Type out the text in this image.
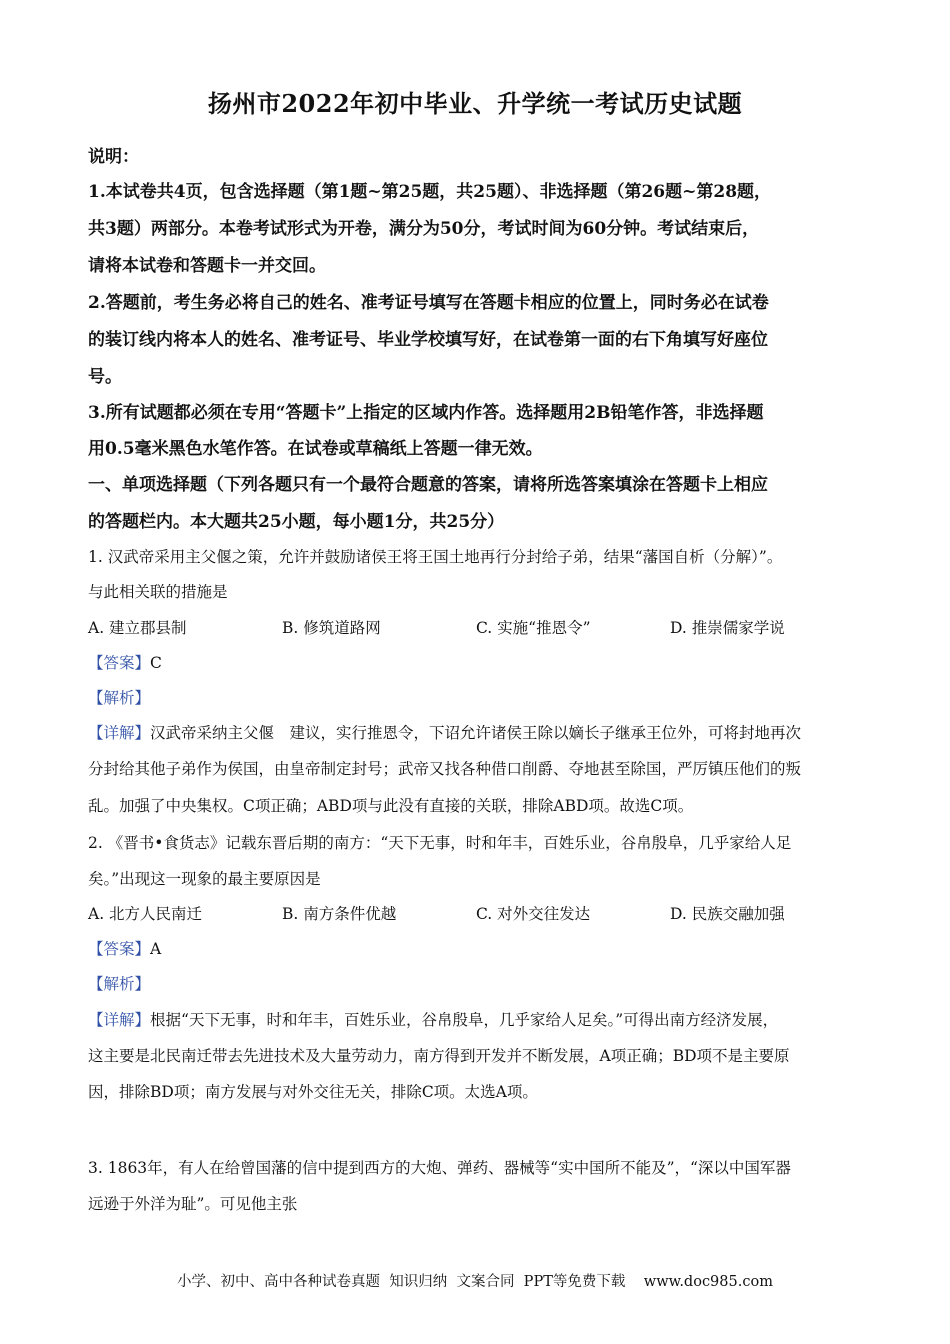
扬州市2022年初中毕业、升学统一考试历史试题
说明：
1.本试卷共4页，包含选择题（第1题~第25题，共25题）、非选择题（第26题~第28题，
共3题）两部分。本卷考试形式为开卷，满分为50分，考试时间为60分钟。考试结束后，
请将本试卷和答题卡一并交回。
2.答题前，考生务必将自己的姓名、准考证号填写在答题卡相应的位置上，同时务必在试卷
的装订线内将本人的姓名、准考证号、毕业学校填写好，在试卷第一面的右下角填写好座位
号。
3.所有试题都必须在专用“答题卡”上指定的区域内作答。选择题用2B铅笔作答，非选择题
用0.5毫米黑色水笔作答。在试卷或草稿纸上答题一律无效。
一、单项选择题（下列各题只有一个最符合题意的答案，请将所选答案填涂在答题卡上相应
的答题栏内。本大题共25小题，每小题1分，共25分）
1. 汉武帝采用主父偃之策，允许并鼓励诸侯王将王国土地再行分封给子弟，结果“藩国自析（分解）”。
与此相关联的措施是
A. 建立郡县制	B. 修筑道路网	C. 实施“推恩令”	D. 推崇儒家学说
【答案】C
【解析】
【详解】汉武帝采纳主父偃　建议，实行推恩令，下诏允许诸侯王除以嫡长子继承王位外，可将封地再次
分封给其他子弟作为侯国，由皇帝制定封号；武帝又找各种借口削爵、夺地甚至除国，严厉镇压他们的叛
乱。加强了中央集权。C项正确；ABD项与此没有直接的关联，排除ABD项。故选C项。
2. 《晋书•食货志》记载东晋后期的南方：“天下无事，时和年丰，百姓乐业，谷帛殷阜，几乎家给人足
矣。”出现这一现象的最主要原因是
A. 北方人民南迁	B. 南方条件优越	C. 对外交往发达	D. 民族交融加强
【答案】A
【解析】
【详解】根据“天下无事，时和年丰，百姓乐业，谷帛殷阜，几乎家给人足矣。”可得出南方经济发展，
这主要是北民南迁带去先进技术及大量劳动力，南方得到开发并不断发展，A项正确；BD项不是主要原
因，排除BD项；南方发展与对外交往无关，排除C项。太选A项。
3. 1863年，有人在给曾国藩的信中提到西方的大炮、弹药、器械等“实中国所不能及”，“深以中国军器
远逊于外洋为耻”。可见他主张
小学、初中、高中各种试卷真题  知识归纳  文案合同  PPT等免费下载    www.doc985.com
